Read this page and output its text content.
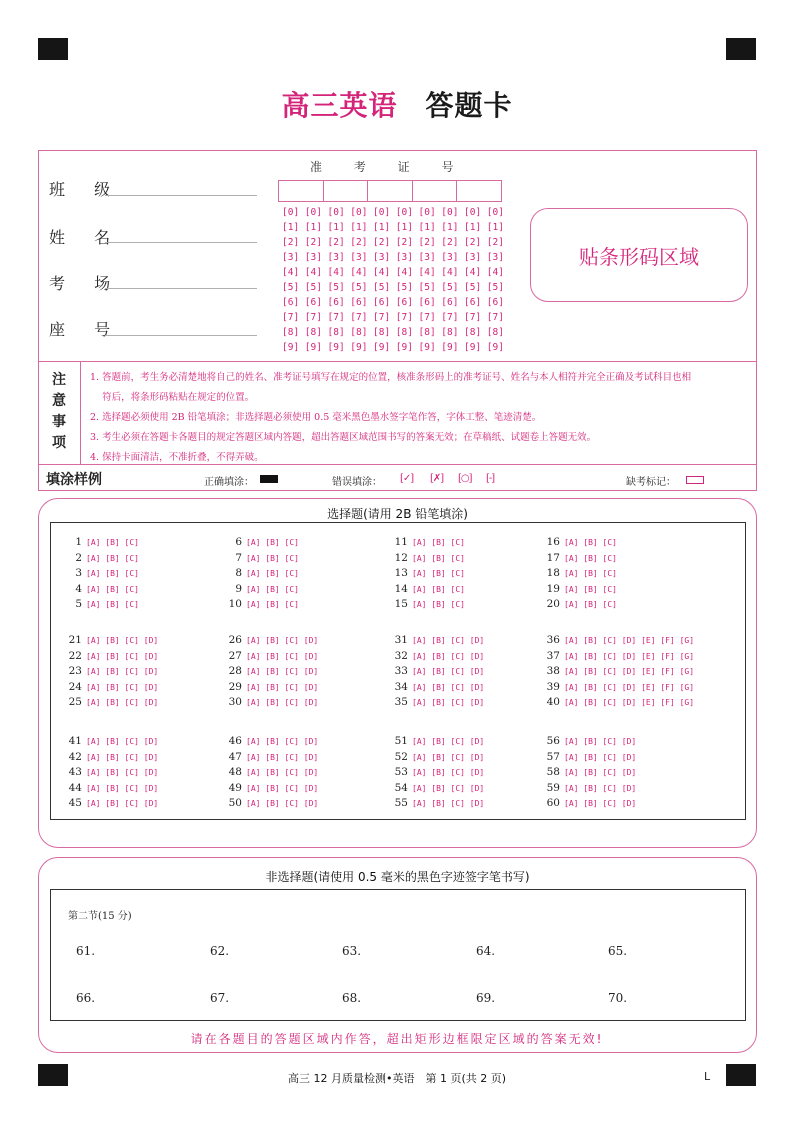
高三英语 答题卡
班 级
姓 名
考 场
座 号
准 考 证 号
[0] [0] [0] [0] [0] [0] [0] [0] [0] [0]
[1] [1] [1] [1] [1] [1] [1] [1] [1] [1]
[2] [2] [2] [2] [2] [2] [2] [2] [2] [2]
[3] [3] [3] [3] [3] [3] [3] [3] [3] [3]
[4] [4] [4] [4] [4] [4] [4] [4] [4] [4]
[5] [5] [5] [5] [5] [5] [5] [5] [5] [5]
[6] [6] [6] [6] [6] [6] [6] [6] [6] [6]
[7] [7] [7] [7] [7] [7] [7] [7] [7] [7]
[8] [8] [8] [8] [8] [8] [8] [8] [8] [8]
[9] [9] [9] [9] [9] [9] [9] [9] [9] [9]
贴条形码区域
注
意
事
项
1. 答题前，考生务必清楚地将自己的姓名、准考证号填写在规定的位置，核准条形码上的准考证号、姓名与本人相符并完全正确及考试科目也相
符后，将条形码粘贴在规定的位置。
2. 选择题必须使用 2B 铅笔填涂；非选择题必须使用 0.5 毫米黑色墨水签字笔作答，字体工整、笔迹清楚。
3. 考生必须在答题卡各题目的规定答题区域内答题，超出答题区域范围书写的答案无效；在草稿纸、试题卷上答题无效。
4. 保持卡面清洁，不准折叠，不得弄破。
填涂样例	正确填涂：	错误填涂： [✓] [✗] [○] [-]	缺考标记：
选择题(请用 2B 铅笔填涂)
1 [A] [B] [C]
2 [A] [B] [C]
3 [A] [B] [C]
4 [A] [B] [C]
5 [A] [B] [C]
6 [A] [B] [C]
7 [A] [B] [C]
8 [A] [B] [C]
9 [A] [B] [C]
10 [A] [B] [C]
11 [A] [B] [C]
12 [A] [B] [C]
13 [A] [B] [C]
14 [A] [B] [C]
15 [A] [B] [C]
16 [A] [B] [C]
17 [A] [B] [C]
18 [A] [B] [C]
19 [A] [B] [C]
20 [A] [B] [C]
21 [A] [B] [C] [D]
22 [A] [B] [C] [D]
23 [A] [B] [C] [D]
24 [A] [B] [C] [D]
25 [A] [B] [C] [D]
26 [A] [B] [C] [D]
27 [A] [B] [C] [D]
28 [A] [B] [C] [D]
29 [A] [B] [C] [D]
30 [A] [B] [C] [D]
31 [A] [B] [C] [D]
32 [A] [B] [C] [D]
33 [A] [B] [C] [D]
34 [A] [B] [C] [D]
35 [A] [B] [C] [D]
36 [A] [B] [C] [D] [E] [F] [G]
37 [A] [B] [C] [D] [E] [F] [G]
38 [A] [B] [C] [D] [E] [F] [G]
39 [A] [B] [C] [D] [E] [F] [G]
40 [A] [B] [C] [D] [E] [F] [G]
41 [A] [B] [C] [D]
42 [A] [B] [C] [D]
43 [A] [B] [C] [D]
44 [A] [B] [C] [D]
45 [A] [B] [C] [D]
46 [A] [B] [C] [D]
47 [A] [B] [C] [D]
48 [A] [B] [C] [D]
49 [A] [B] [C] [D]
50 [A] [B] [C] [D]
51 [A] [B] [C] [D]
52 [A] [B] [C] [D]
53 [A] [B] [C] [D]
54 [A] [B] [C] [D]
55 [A] [B] [C] [D]
56 [A] [B] [C] [D]
57 [A] [B] [C] [D]
58 [A] [B] [C] [D]
59 [A] [B] [C] [D]
60 [A] [B] [C] [D]
非选择题(请使用 0.5 毫米的黑色字迹签字笔书写)
第二节(15 分)
61.	62.	63.	64.	65.
66.	67.	68.	69.	70.
请在各题目的答题区域内作答，超出矩形边框限定区域的答案无效!
高三 12 月质量检测•英语　第 1 页(共 2 页)	L
